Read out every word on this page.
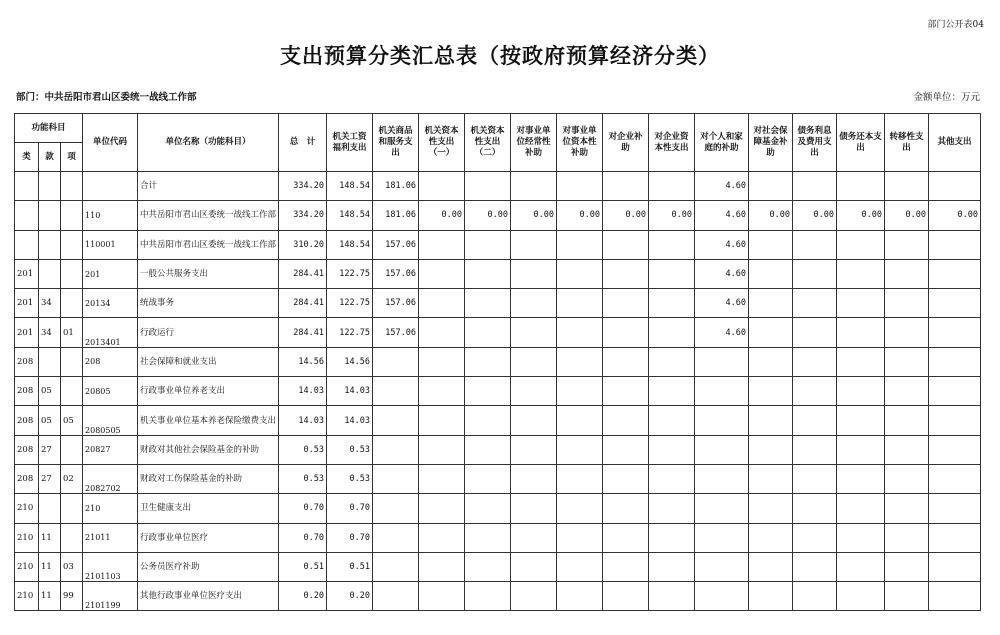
部门公开表04
支出预算分类汇总表（按政府预算经济分类）
部门：中共岳阳市君山区委统一战线工作部	金额单位：万元
功能科目			单位代码	单位名称（功能科目）	总　计	机关工资福利支出	机关商品和服务支出	机关资本性支出（一）	机关资本性支出（二）	对事业单位经常性补助	对事业单位资本性补助	对企业补助	对企业资本性支出	对个人和家庭的补助	对社会保障基金补助	债务利息及费用支出	债务还本支出	转移性支出	其他支出
类	款	项																	
				合计	334.20	148.54	181.06							4.60					
			110	中共岳阳市君山区委统一战线工作部	334.20	148.54	181.06	0.00	0.00	0.00	0.00	0.00	0.00	4.60	0.00	0.00	0.00	0.00	0.00
			110001	中共岳阳市君山区委统一战线工作部	310.20	148.54	157.06							4.60					
201			201	一般公共服务支出	284.41	122.75	157.06							4.60					
201	34		20134	统战事务	284.41	122.75	157.06							4.60					
201	34	01	2013401	行政运行	284.41	122.75	157.06							4.60					
208			208	社会保障和就业支出	14.56	14.56													
208	05		20805	行政事业单位养老支出	14.03	14.03													
208	05	05	2080505	机关事业单位基本养老保险缴费支出	14.03	14.03													
208	27		20827	财政对其他社会保险基金的补助	0.53	0.53													
208	27	02	2082702	财政对工伤保险基金的补助	0.53	0.53													
210			210	卫生健康支出	0.70	0.70													
210	11		21011	行政事业单位医疗	0.70	0.70													
210	11	03	2101103	公务员医疗补助	0.51	0.51													
210	11	99	2101199	其他行政事业单位医疗支出	0.20	0.20													
